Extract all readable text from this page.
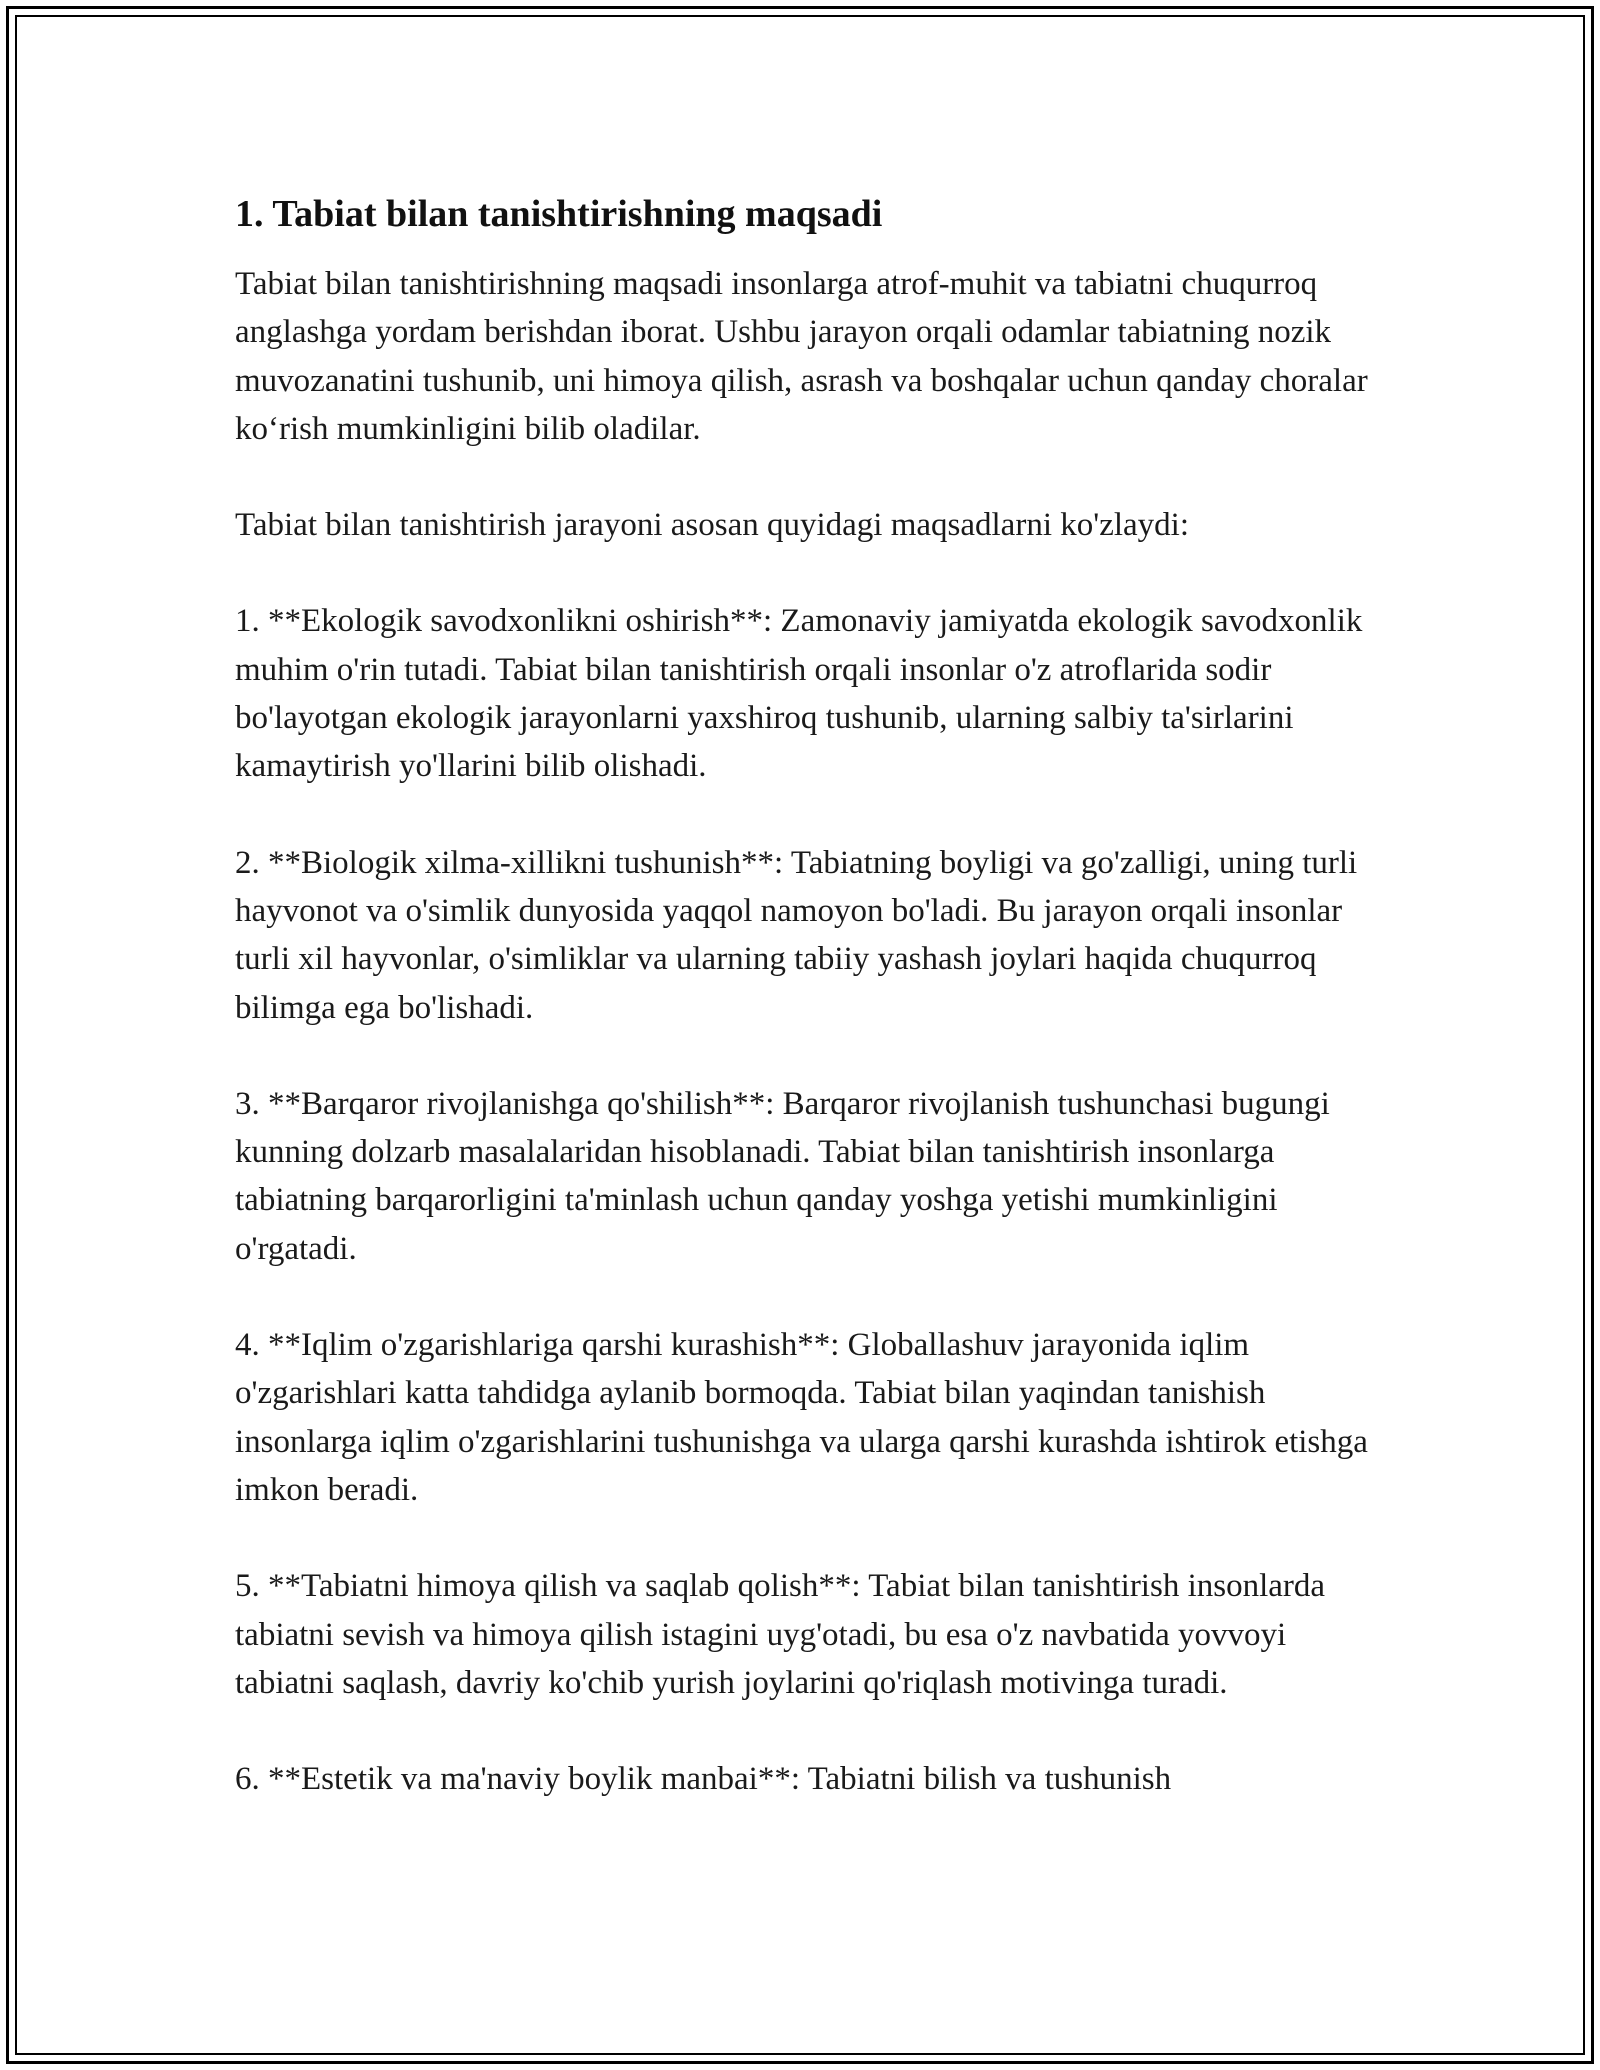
1. Tabiat bilan tanishtirishning maqsadi

Tabiat bilan tanishtirishning maqsadi insonlarga atrof-muhit va tabiatni chuqurroq anglashga yordam berishdan iborat. Ushbu jarayon orqali odamlar tabiatning nozik muvozanatini tushunib, uni himoya qilish, asrash va boshqalar uchun qanday choralar ko‘rish mumkinligini bilib oladilar.

Tabiat bilan tanishtirish jarayoni asosan quyidagi maqsadlarni ko'zlaydi:

1. **Ekologik savodxonlikni oshirish**: Zamonaviy jamiyatda ekologik savodxonlik muhim o'rin tutadi. Tabiat bilan tanishtirish orqali insonlar o'z atroflarida sodir bo'layotgan ekologik jarayonlarni yaxshiroq tushunib, ularning salbiy ta'sirlarini kamaytirish yo'llarini bilib olishadi.

2. **Biologik xilma-xillikni tushunish**: Tabiatning boyligi va go'zalligi, uning turli hayvonot va o'simlik dunyosida yaqqol namoyon bo'ladi. Bu jarayon orqali insonlar turli xil hayvonlar, o'simliklar va ularning tabiiy yashash joylari haqida chuqurroq bilimga ega bo'lishadi.

3. **Barqaror rivojlanishga qo'shilish**: Barqaror rivojlanish tushunchasi bugungi kunning dolzarb masalalaridan hisoblanadi. Tabiat bilan tanishtirish insonlarga tabiatning barqarorligini ta'minlash uchun qanday yoshga yetishi mumkinligini o'rgatadi.

4. **Iqlim o'zgarishlariga qarshi kurashish**: Globallashuv jarayonida iqlim o'zgarishlari katta tahdidga aylanib bormoqda. Tabiat bilan yaqindan tanishish insonlarga iqlim o'zgarishlarini tushunishga va ularga qarshi kurashda ishtirok etishga imkon beradi.

5. **Tabiatni himoya qilish va saqlab qolish**: Tabiat bilan tanishtirish insonlarda tabiatni sevish va himoya qilish istagini uyg'otadi, bu esa o'z navbatida yovvoyi tabiatni saqlash, davriy ko'chib yurish joylarini qo'riqlash motivinga turadi.

6. **Estetik va ma'naviy boylik manbai**: Tabiatni bilish va tushunish
